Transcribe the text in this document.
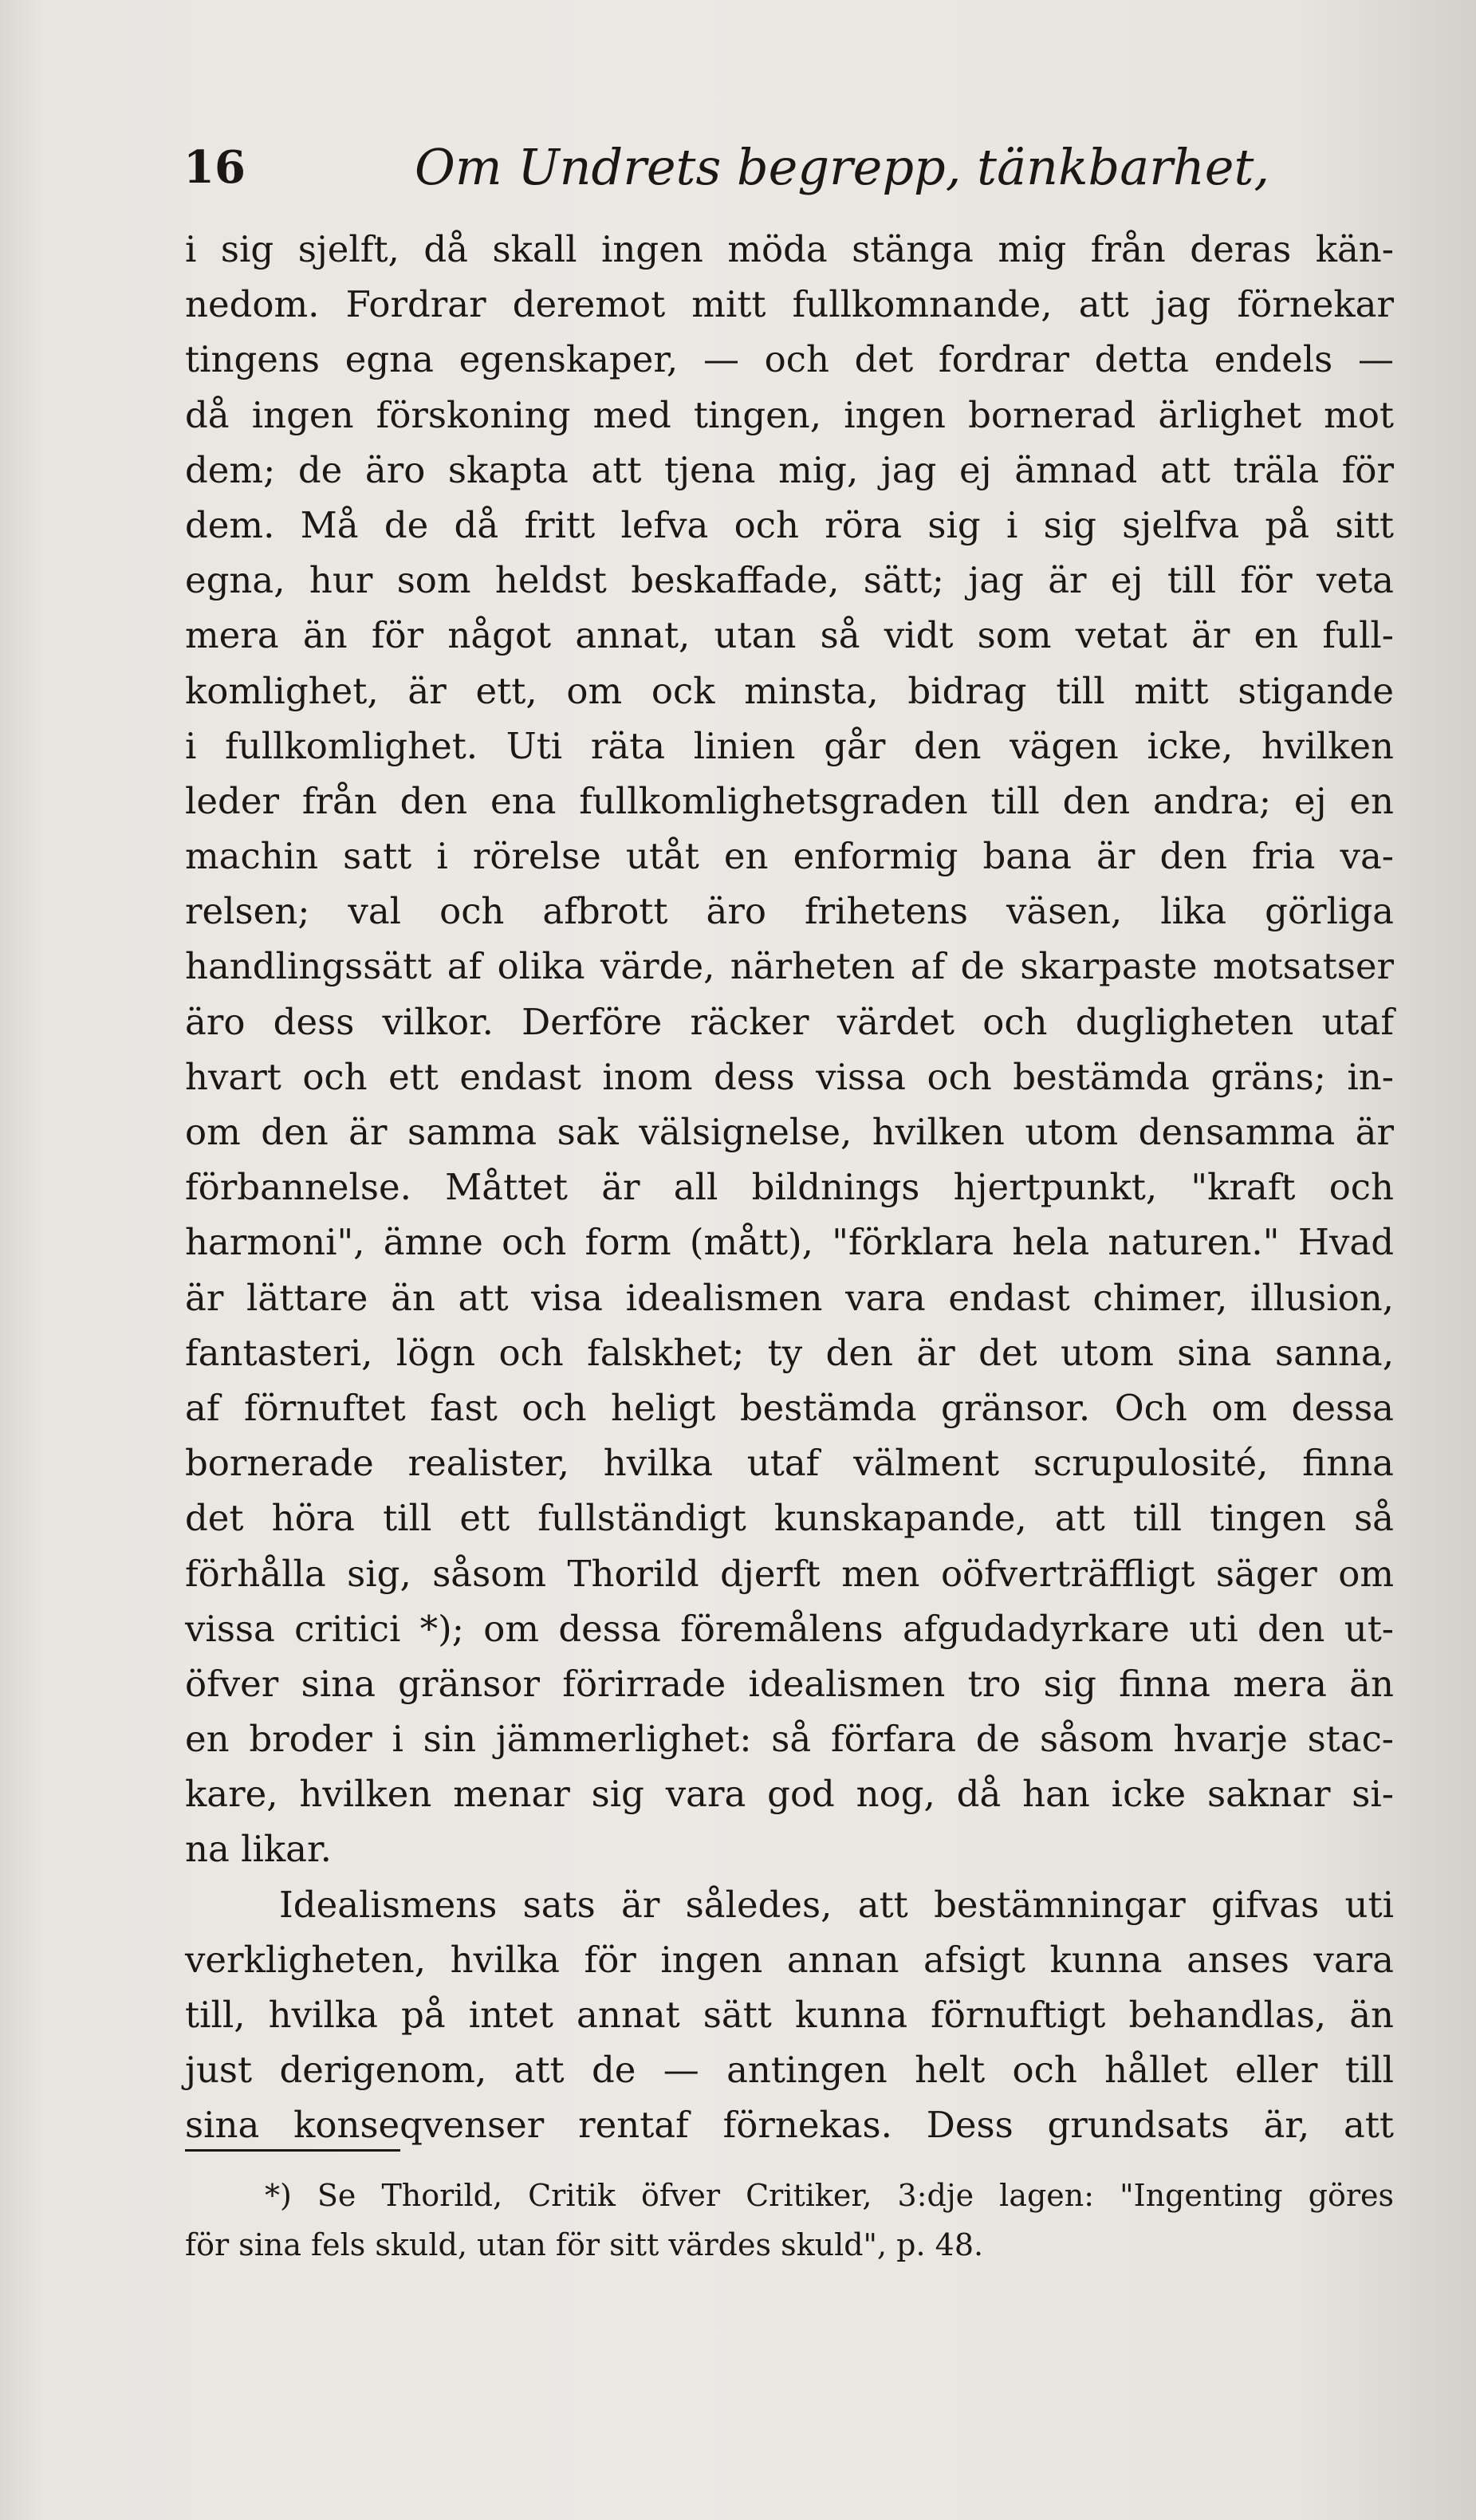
16	Om Undrets begrepp, tänkbarhet,
i sig sjelft, då skall ingen möda stänga mig från deras kän-
nedom. Fordrar deremot mitt fullkomnande, att jag förnekar
tingens egna egenskaper, — och det fordrar detta endels —
då ingen förskoning med tingen, ingen bornerad ärlighet mot
dem; de äro skapta att tjena mig, jag ej ämnad att träla för
dem. Må de då fritt lefva och röra sig i sig sjelfva på sitt
egna, hur som heldst beskaffade, sätt; jag är ej till för veta
mera än för något annat, utan så vidt som vetat är en full-
komlighet, är ett, om ock minsta, bidrag till mitt stigande
i fullkomlighet. Uti räta linien går den vägen icke, hvilken
leder från den ena fullkomlighetsgraden till den andra; ej en
machin satt i rörelse utåt en enformig bana är den fria va-
relsen; val och afbrott äro frihetens väsen, lika görliga
handlingssätt af olika värde, närheten af de skarpaste motsatser
äro dess vilkor. Derföre räcker värdet och dugligheten utaf
hvart och ett endast inom dess vissa och bestämda gräns; in-
om den är samma sak välsignelse, hvilken utom densamma är
förbannelse. Måttet är all bildnings hjertpunkt, "kraft och
harmoni", ämne och form (mått), "förklara hela naturen." Hvad
är lättare än att visa idealismen vara endast chimer, illusion,
fantasteri, lögn och falskhet; ty den är det utom sina sanna,
af förnuftet fast och heligt bestämda gränsor. Och om dessa
bornerade realister, hvilka utaf välment scrupulosité, finna
det höra till ett fullständigt kunskapande, att till tingen så
förhålla sig, såsom Thorild djerft men oöfverträffligt säger om
vissa critici *); om dessa föremålens afgudadyrkare uti den ut-
öfver sina gränsor förirrade idealismen tro sig finna mera än
en broder i sin jämmerlighet: så förfara de såsom hvarje stac-
kare, hvilken menar sig vara god nog, då han icke saknar si-
na likar.
Idealismens sats är således, att bestämningar gifvas uti
verkligheten, hvilka för ingen annan afsigt kunna anses vara
till, hvilka på intet annat sätt kunna förnuftigt behandlas, än
just derigenom, att de — antingen helt och hållet eller till
sina konseqvenser rentaf förnekas. Dess grundsats är, att
*) Se Thorild, Critik öfver Critiker, 3:dje lagen: "Ingenting göres
för sina fels skuld, utan för sitt värdes skuld", p. 48.
